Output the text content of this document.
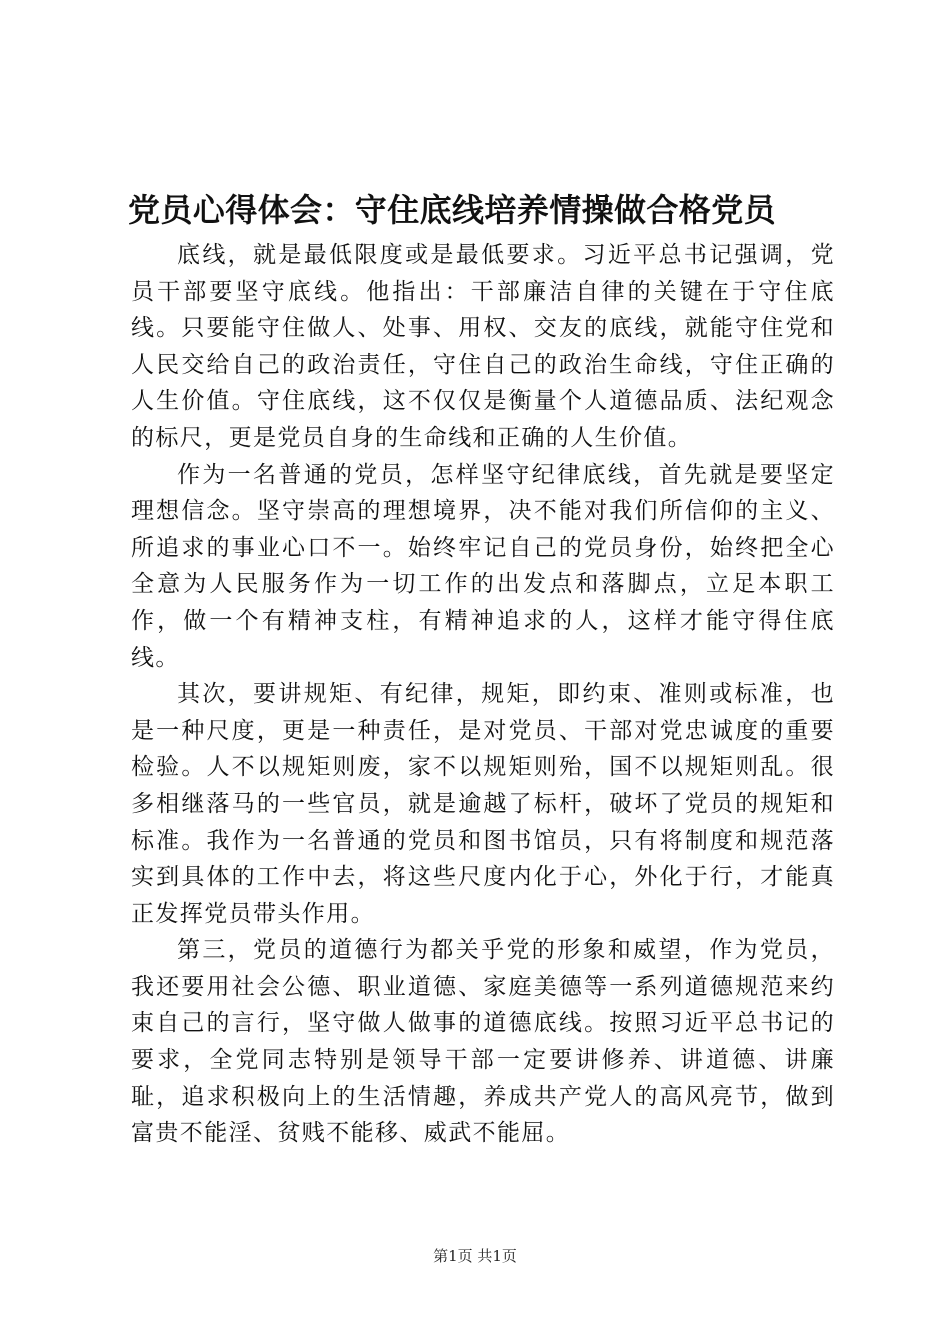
党员心得体会：守住底线培养情操做合格党员

底线，就是最低限度或是最低要求。习近平总书记强调，党员干部要坚守底线。他指出：干部廉洁自律的关键在于守住底线。只要能守住做人、处事、用权、交友的底线，就能守住党和人民交给自己的政治责任，守住自己的政治生命线，守住正确的人生价值。守住底线，这不仅仅是衡量个人道德品质、法纪观念的标尺，更是党员自身的生命线和正确的人生价值。

作为一名普通的党员，怎样坚守纪律底线，首先就是要坚定理想信念。坚守崇高的理想境界，决不能对我们所信仰的主义、所追求的事业心口不一。始终牢记自己的党员身份，始终把全心全意为人民服务作为一切工作的出发点和落脚点，立足本职工作，做一个有精神支柱，有精神追求的人，这样才能守得住底线。

其次，要讲规矩、有纪律，规矩，即约束、准则或标准，也是一种尺度，更是一种责任，是对党员、干部对党忠诚度的重要检验。人不以规矩则废，家不以规矩则殆，国不以规矩则乱。很多相继落马的一些官员，就是逾越了标杆，破坏了党员的规矩和标准。我作为一名普通的党员和图书馆员，只有将制度和规范落实到具体的工作中去，将这些尺度内化于心，外化于行，才能真正发挥党员带头作用。

第三，党员的道德行为都关乎党的形象和威望，作为党员，我还要用社会公德、职业道德、家庭美德等一系列道德规范来约束自己的言行，坚守做人做事的道德底线。按照习近平总书记的要求，全党同志特别是领导干部一定要讲修养、讲道德、讲廉耻，追求积极向上的生活情趣，养成共产党人的高风亮节，做到富贵不能淫、贫贱不能移、威武不能屈。

第1页 共1页
